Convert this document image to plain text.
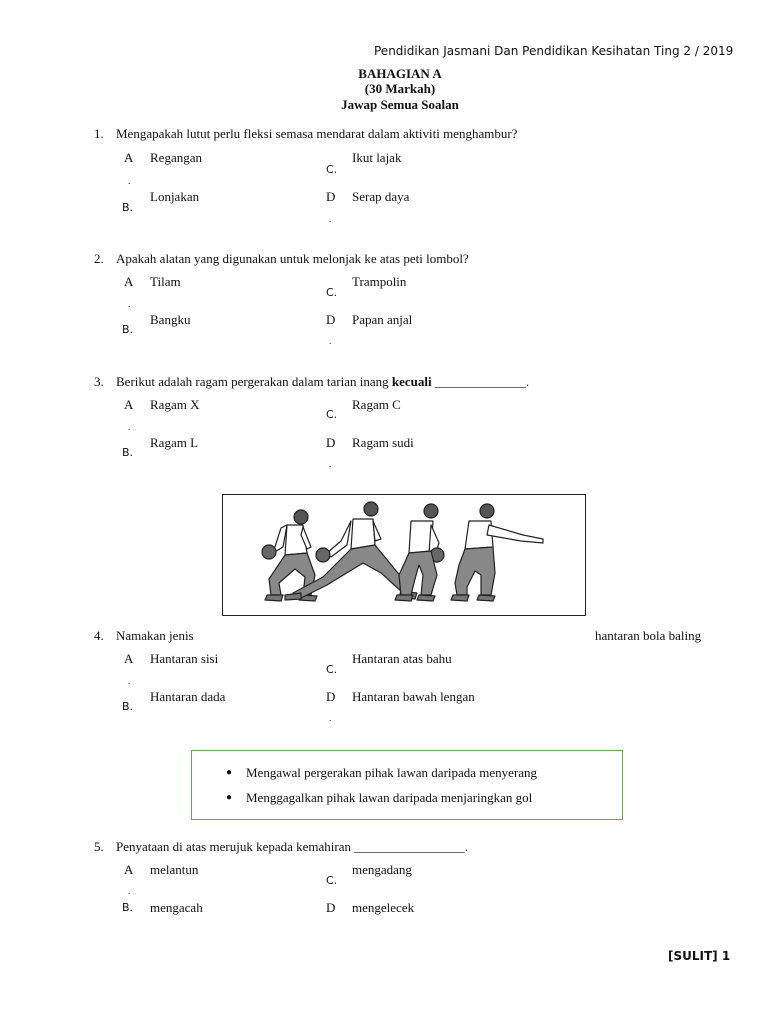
Pendidikan Jasmani Dan Pendidikan Kesihatan Ting 2 / 2019
BAHAGIAN A
(30 Markah)
Jawap Semua Soalan
1. Mengapakah lutut perlu fleksi semasa mendarat dalam aktiviti menghambur?
A Regangan
.
Lonjakan
B.
Ikut lajak
C.
D Serap daya
.
2. Apakah alatan yang digunakan untuk melonjak ke atas peti lombol?
A Tilam
.
Bangku
B.
Trampolin
C.
D Papan anjal
.
3. Berikut adalah ragam pergerakan dalam tarian inang kecuali ______________.
A Ragam X
.
Ragam L
B.
Ragam C
C.
D Ragam sudi
.
4. Namakan jenis	hantaran bola baling
A Hantaran sisi
.
Hantaran dada
B.
Hantaran atas bahu
C.
D Hantaran bawah lengan
.
● Mengawal pergerakan pihak lawan daripada menyerang
● Menggagalkan pihak lawan daripada menjaringkan gol
5. Penyataan di atas merujuk kepada kemahiran _________________.
A melantun
.
B. mengacah
mengadang
C.
D mengelecek
[SULIT] 1
